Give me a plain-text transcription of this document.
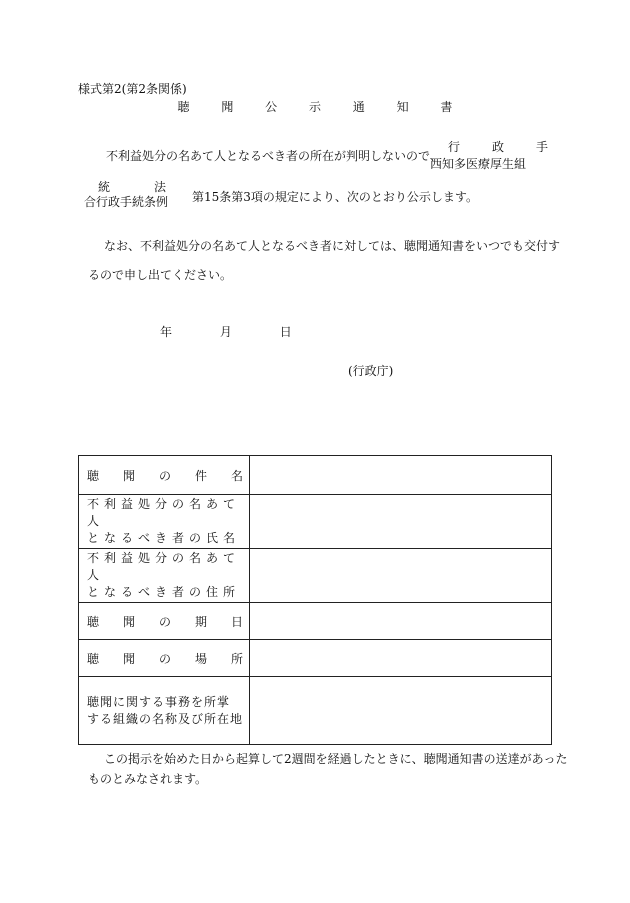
様式第2(第2条関係)
聴 聞 公 示 通 知 書
不利益処分の名あて人となるべき者の所在が判明しないので、
行	政	手
西知多医療厚生組
統	法
合行政手続条例	第15条第3項の規定により、次のとおり公示します。
なお、不利益処分の名あて人となるべき者に対しては、聴聞通知書をいつでも交付す
るので申し出てください。
年	月	日
(行政庁)
聴 聞 の 件 名	

不利益処分の名あて人
となるべき者の氏名	

不利益処分の名あて人
となるべき者の住所	

聴 聞 の 期 日	

聴 聞 の 場 所	

聴聞に関する事務を所掌
する組織の名称及び所在地	

この掲示を始めた日から起算して2週間を経過したときに、聴聞通知書の送達があった
ものとみなされます。
